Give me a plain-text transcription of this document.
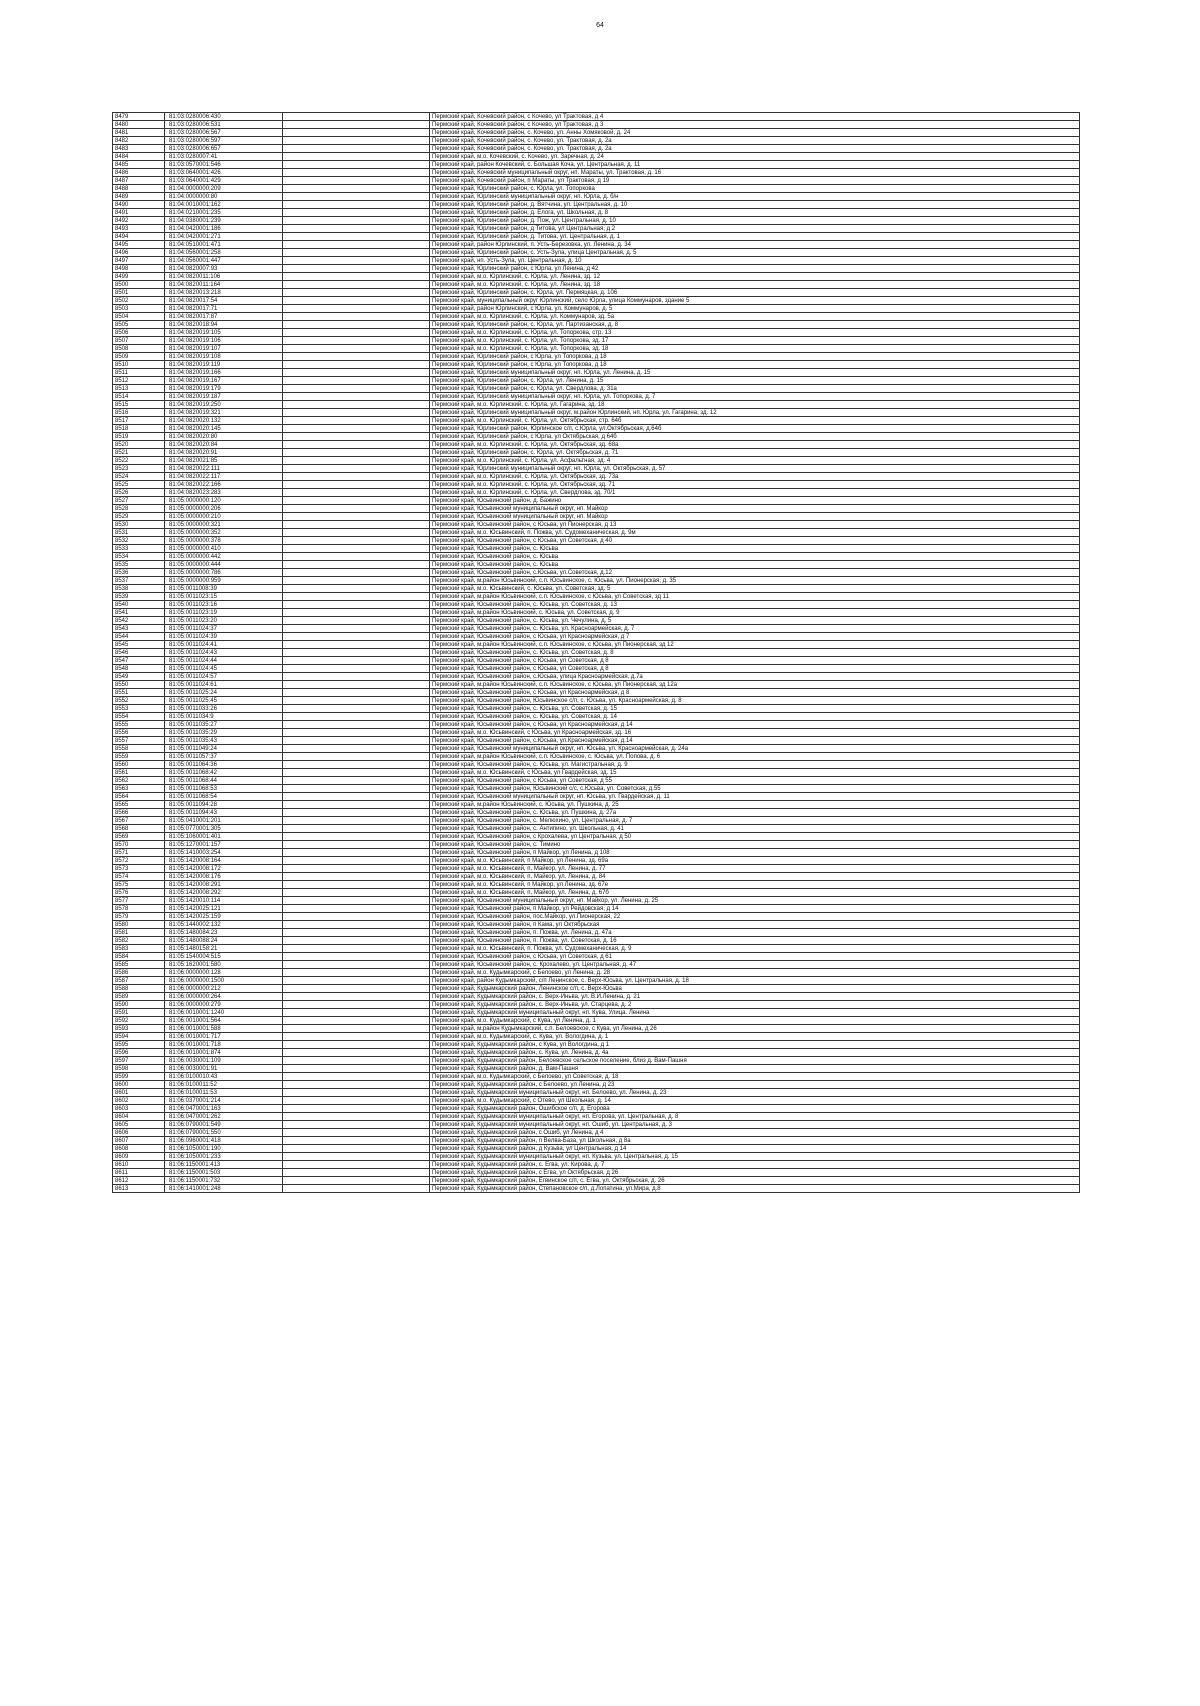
64
8479	81:03:0280006:430		Пермский край, Кочевский район, с Кочево, ул Трактовая, д 4
8480	81:03:0280006:531		Пермский край, Кочевский район, с Кочево, ул Трактовая, д 3
8481	81:03:0280006:567		Пермский край, Кочевский район, с. Кочево, ул. Анны Хомяковой, д. 24
8482	81:03:0280006:597		Пермский край, Кочевский район, с. Кочево, ул. Трактовая, д. 2а
8483	81:03:0280006:657		Пермский край, Кочевский район, с. Кочево, ул. Трактовая, д. 2а
8484	81:03:0280007:41		Пермский край, м.о. Кочевский, с. Кочево, ул. Заречная, д. 24
8485	81:03:0570001:546		Пермский край, район Кочевский, с. Большая Коча, ул. Центральная, д. 11
8486	81:03:0640001:426		Пермский край, Кочевский муниципальный округ, нп. Мараты, ул. Трактовая, д. 16
8487	81:03:0640001:429		Пермский край, Кочевский район, п Мараты, ул Трактовая, д 19
8488	81:04:0000000:209		Пермский край, Юрлинский район, с. Юрла, ул. Топоркова
8489	81:04:0000000:80		Пермский край, Юрлинский муниципальный округ, нп. Юрла, д. б/н
8490	81:04:0010001:162		Пермский край, Юрлинский район, д. Вятчина, ул. Центральная, д. 10
8491	81:04:0210001:235		Пермский край, Юрлинский район, д. Елога, ул. Школьная, д. 8
8492	81:04:0380001:239		Пермский край, Юрлинский район, д. Пож, ул. Центральная, д. 10
8493	81:04:0420001:186		Пермский край, Юрлинский район, д Титова, ул Центральная, д 2
8494	81:04:0420001:271		Пермский край, Юрлинский район, д. Титова, ул. Центральная, д. 1
8495	81:04:0510001:471		Пермский край, район Юрлинский, п. Усть-Березовка, ул. Ленина, д. 34
8496	81:04:0560001:258		Пермский край, Юрлинский район, с. Усть-Зула, улица Центральная, д. 5
8497	81:04:0560001:447		Пермский край, нп. Усть-Зула, ул. Центральная, д. 10
8498	81:04:0820007:93		Пермский край, Юрлинский район, с Юрла, ул Ленина, д 42
8499	81:04:0820011:106		Пермский край, м.о. Юрлинский, с. Юрла, ул. Ленина, зд. 12
8500	81:04:0820011:164		Пермский край, м.о. Юрлинский, с. Юрла, ул. Ленина, зд. 18
8501	81:04:0820013:218		Пермский край, Юрлинский район, с. Юрла, ул. Пермяцкая, д. 106
8502	81:04:0820017:54		Пермский край, муниципальный округ Юрлинский, село Юрла, улица Коммунаров, здание 5
8503	81:04:0820017:71		Пермский край, район Юрлинский, с Юрла, ул. Коммунаров, д. 5
8504	81:04:0820017:87		Пермский край, м.о. Юрлинский, с. Юрла, ул. Коммунаров, зд. 5а
8505	81:04:0820018:94		Пермский край, Юрлинский район, с. Юрла, ул. Партизанская, д. 8
8506	81:04:0820019:105		Пермский край, м.о. Юрлинский, с. Юрла, ул. Топоркова, стр. 13
8507	81:04:0820019:106		Пермский край, м.о. Юрлинский, с. Юрла, ул. Топоркова, зд. 17
8508	81:04:0820019:107		Пермский край, м.о. Юрлинский, с. Юрла, ул. Топоркова, зд. 18
8509	81:04:0820019:108		Пермский край, Юрлинский район, с Юрла, ул Топоркова, д 18
8510	81:04:0820019:119		Пермский край, Юрлинский район, с Юрла, ул Топоркова, д 18
8511	81:04:0820019:166		Пермский край, Юрлинский муниципальный округ, нп. Юрла, ул. Ленина, д. 15
8512	81:04:0820019:167		Пермский край, Юрлинский район, с. Юрла, ул. Ленина, д. 15
8513	81:04:0820019:179		Пермский край, Юрлинский район, с. Юрла, ул. Свердлова, д. 31а
8514	81:04:0820019:187		Пермский край, Юрлинский муниципальный округ, нп. Юрла, ул. Топоркова, д. 7
8515	81:04:0820019:250		Пермский край, м.о. Юрлинский, с. Юрла, ул. Гагарина, зд. 18
8516	81:04:0820019:321		Пермский край, Юрлинский муниципальный округ, м.район Юрлинский, нп. Юрла, ул. Гагарина, зд. 12
8517	81:04:0820020:132		Пермский край, м.о. Юрлинский, с. Юрла, ул. Октябрьская, стр. 64б
8518	81:04:0820020:145		Пермский край, Юрлинский район, Юрлинское с/п, с.Юрла, ул.Октябрьская, д.64б
8519	81:04:0820020:80		Пермский край, Юрлинский район, с Юрла, ул Октябрьская, д 64б
8520	81:04:0820020:84		Пермский край, м.о. Юрлинский, с. Юрла, ул. Октябрьская, зд. 68а
8521	81:04:0820020:91		Пермский край, Юрлинский район, с. Юрла, ул. Октябрьская, д. 71
8522	81:04:0820021:85		Пермский край, м.о. Юрлинский, с. Юрла, ул. Асфальтная, зд. 4
8523	81:04:0820022:111		Пермский край, Юрлинский муниципальный округ, нп. Юрла, ул. Октябрьская, д. 57
8524	81:04:0820022:117		Пермский край, м.о. Юрлинский, с. Юрла, ул. Октябрьская, зд. 73а
8525	81:04:0820022:166		Пермский край, м.о. Юрлинский, с. Юрла, ул. Октябрьская, зд. 71
8526	81:04:0820023:283		Пермский край, м.о. Юрлинский, с. Юрла, ул. Свердлова, зд. 70/1
8527	81:05:0000000:120		Пермский край, Юсьвинский район, д. Бажино
8528	81:05:0000000:206		Пермский край, Юсьвинский муниципальный округ, нп. Майкор
8529	81:05:0000000:210		Пермский край, Юсьвинский муниципальный округ, нп. Майкор
8530	81:05:0000000:321		Пермский край, Юсьвинский район, с Юсьва, ул Пионерская, д 13
8531	81:05:0000000:352		Пермский край, м.о. Юсьвинский, п. Пожва, ул. Судомеханическая, д. 9м
8532	81:05:0000000:378		Пермский край, Юсьвинский район, с Юсьва, ул Советская, д 40
8533	81:05:0000000:410		Пермский край, Юсьвинский район, с. Юсьва
8534	81:05:0000000:442		Пермский край, Юсьвинский район, с. Юсьва
8535	81:05:0000000:444		Пермский край, Юсьвинский район, с. Юсьва
8536	81:05:0000000:786		Пермский край, Юсьвинский район, с.Юсьва, ул.Советская, д.12
8537	81:05:0000000:959		Пермский край, м.район Юсьвинский, с.п. Юсьвинское, с. Юсьва, ул. Пионерская, д. 35
8538	81:05:0011008:39		Пермский край, м.о. Юсьвинский, с. Юсьва, ул. Советская, зд. 5
8539	81:05:0011023:15		Пермский край, м.район Юсьвинский, с.п. Юсьвинское, с Юсьва, ул Советская, зд 11
8540	81:05:0011023:16		Пермский край, Юсьвинский район, с. Юсьва, ул. Советская, д. 13
8541	81:05:0011023:19		Пермский край, м.район Юсьвинский, с. Юсьва, ул. Советская, д. 9
8542	81:05:0011023:20		Пермский край, Юсьвинский район, с. Юсьва, ул. Чечулина, д. 5
8543	81:05:0011024:37		Пермский край, Юсьвинский район, с. Юсьва, ул. Красноармейская, д. 7
8544	81:05:0011024:39		Пермский край, Юсьвинский район, с Юсьва, ул Красноармейская, д 7
8545	81:05:0011024:41		Пермский край, м.район Юсьвинский, с.п. Юсьвинское, с Юсьва, ул Пионерская, зд 12
8546	81:05:0011024:43		Пермский край, Юсьвинский район, с. Юсьва, ул. Советская, д. 8
8547	81:05:0011024:44		Пермский край, Юсьвинский район, с Юсьва, ул Советская, д 8
8548	81:05:0011024:45		Пермский край, Юсьвинский район, с Юсьва, ул Советская, д 8
8549	81:05:0011024:57		Пермский край, Юсьвинский район, с.Юсьва, улица Красноармейская, д.7а
8550	81:05:0011024:61		Пермский край, м.район Юсьвинский, с.п. Юсьвинское, с Юсьва, ул Пионерская, зд 12а
8551	81:05:0011025:24		Пермский край, Юсьвинский район, с Юсьва, ул Красноармейская, д 8
8552	81:05:0011025:45		Пермский край, Юсьвинский район, Юсьвинское с/п, с. Юсьва, ул. Красноармейская, д. 8
8553	81:05:0011033:26		Пермский край, Юсьвинский район, с. Юсьва, ул. Советская, д. 15
8554	81:05:0011034:9		Пермский край, Юсьвинский район, с. Юсьва, ул. Советская, д. 14
8555	81:05:0011035:27		Пермский край, Юсьвинский район, с Юсьва, ул Красноармейская, д 14
8556	81:05:0011035:29		Пермский край, м.о. Юсьвинский, с Юсьва, ул Красноармейская, зд. 16
8557	81:05:0011035:43		Пермский край, Юсьвинский район, с.Юсьва, ул.Красноармейская, д.14
8558	81:05:0011049:24		Пермский край, Юсьвинский муниципальный округ, нп. Юсьва, ул. Красноармейская, д. 24а
8559	81:05:0011057:37		Пермский край, м.район Юсьвинский, с.п. Юсьвинское, с. Юсьва, ул. Попова, д. 6
8560	81:05:0011064:36		Пермский край, Юсьвинский район, с. Юсьва, ул. Магистральная, д. 9
8561	81:05:0011068:42		Пермский край, м.о. Юсьвинский, с Юсьва, ул Гвардейская, зд. 15
8562	81:05:0011068:44		Пермский край, Юсьвинский район, с Юсьва, ул Советская, д 55
8563	81:05:0011068:53		Пермский край, Юсьвинский район, Юсьвинский с/с, с.Юсьва, ул. Советская, д.55
8564	81:05:0011068:54		Пермский край, Юсьвинский муниципальный округ, нп. Юсьва, ул. Гвардейская, д. 11
8565	81:05:0011094:28		Пермский край, м.район Юсьвинский, с. Юсьва, ул. Пушкина, д. 25
8566	81:05:0011094:43		Пермский край, Юсьвинский район, с. Юсьва, ул. Пушкина, д. 27а
8567	81:05:0410001:201		Пермский край, Юсьвинский район, с. Мелюхино, ул. Центральная, д. 7
8568	81:05:0770001:305		Пермский край, Юсьвинский район, с. Антипино, ул. Школьная, д. 41
8569	81:05:1060001:401		Пермский край, Юсьвинский район, с Крохалева, ул Центральная, д 50
8570	81:05:1270001:157		Пермский край, Юсьвинский район, с. Тимино
8571	81:05:1410003:254		Пермский край, Юсьвинский район, п Майкор, ул Ленина, д 108
8572	81:05:1420008:164		Пермский край, м.о. Юсьвинский, п Майкор, ул Ленина, зд. 69а
8573	81:05:1420008:172		Пермский край, м.о. Юсьвинский, п. Майкор, ул. Ленина, д. 77
8574	81:05:1420008:176		Пермский край, м.о. Юсьвинский, п. Майкор, ул. Ленина, д. 84
8575	81:05:1420008:291		Пермский край, м.о. Юсьвинский, п Майкор, ул Ленина, зд. 67е
8576	81:05:1420008:292		Пермский край, м.о. Юсьвинский, п. Майкор, ул. Ленина, д. 67б
8577	81:05:1420010:114		Пермский край, Юсьвинский муниципальный округ, нп. Майкор, ул. Ленина, д. 25
8578	81:05:1420025:121		Пермский край, Юсьвинский район, п Майкор, ул Рейдовская, д 14
8579	81:05:1420025:159		Пермский край, Юсьвинский район, пос.Майкор, ул.Пионерская, 22
8580	81:05:1440002:132		Пермский край, Юсьвинский район, п Кама, ул Октябрьская
8581	81:05:1480084:23		Пермский край, Юсьвинский район, п. Пожва, ул. Ленина, д. 47а
8582	81:05:1480088:24		Пермский край, Юсьвинский район, п. Пожва, ул. Советская, д. 16
8583	81:05:1480158:21		Пермский край, м.о. Юсьвинский, п. Пожва, ул. Судомеханическая, д. 9
8584	81:05:1540004:515		Пермский край, Юсьвинский район, с Юсьва, ул Советская, д 61
8585	81:05:1620001:580		Пермский край, Юсьвинский район, с. Крохалево, ул. Центральная, д. 47
8586	81:06:0000000:128		Пермский край, м.о. Кудымкарский, с Белоево, ул Ленина, д. 28
8587	81:06:0000000:1500		Пермский край, район Кудымкарский, с/п Ленинское, с. Верх-Юсьва, ул. Центральная, д. 18
8588	81:06:0000000:212		Пермский край, Кудымкарский район, Ленинское с/п, с. Верх-Юсьва
8589	81:06:0000000:264		Пермский край, Кудымкарский район, с. Верх-Иньва, ул. В.И.Ленина, д. 21
8590	81:06:0000000:279		Пермский край, Кудымкарский район, с. Верх-Иньва, ул. Старцева, д. 2
8591	81:06:0010001:1240		Пермский край, Кудымкарский муниципальный округ, нп. Кува, Улица. Ленина
8592	81:06:0010001:564		Пермский край, м.о. Кудымкарский, с Кува, ул Ленина, д. 1
8593	81:06:0010001:588		Пермский край, м.район Кудымкарский, с.п. Белоевское, с Кува, ул Ленина, д 26
8594	81:06:0010001:717		Пермский край, м.о. Кудымкарский, с. Кува, ул. Вологдина, д. 1
8595	81:06:0010001:718		Пермский край, Кудымкарский район, с Кува, ул Вологдина, д 1
8596	81:06:0010001:874		Пермский край, Кудымкарский район, с. Кува, ул. Ленина, д. 4а
8597	81:06:0030001:109		Пермский край, Кудымкарский район, Белоевское сельское поселение, близ д. Вам-Пашня
8598	81:06:0030001:91		Пермский край, Кудымкарский район, д. Вам-Пашня
8599	81:06:0100010:43		Пермский край, м.о. Кудымкарский, с Белоево, ул Советская, д. 18
8600	81:06:0100011:52		Пермский край, Кудымкарский район, с Белоево, ул Ленина, д 23
8601	81:06:0100011:53		Пермский край, Кудымкарский муниципальный округ, нп. Белоево, ул. Ленина, д. 23
8602	81:06:0370001:214		Пермский край, м.о. Кудымкарский, с Отево, ул Школьная, д. 14
8603	81:06:0470001:163		Пермский край, Кудымкарский район, Ошибское с/п, д. Егорова
8604	81:06:0470001:262		Пермский край, Кудымкарский муниципальный округ, нп. Егорова, ул. Центральная, д. 8
8605	81:06:0790001:549		Пермский край, Кудымкарский муниципальный округ, нп. Ошиб, ул. Центральная, д. 3
8606	81:06:0790001:550		Пермский край, Кудымкарский район, с Ошиб, ул Ленина, д 4
8607	81:06:0960001:418		Пермский край, Кудымкарский район, п Велва-База, ул Школьная, д 8а
8608	81:06:1050001:190		Пермский край, Кудымкарский район, д Кузьва, ул Центральная, д 14
8609	81:06:1050001:233		Пермский край, Кудымкарский муниципальный округ, нп. Кузьва, ул. Центральная, д. 15
8610	81:06:1150001:413		Пермский край, Кудымкарский район, с. Егва, ул. Кирова, д. 7
8611	81:06:1150001:503		Пермский край, Кудымкарский район, с Егва, ул Октябрьская, д 26
8612	81:06:1150001:732		Пермский край, Кудымкарский район, Егвинское с/п, с. Егва, ул. Октябрьская, д. 26
8613	81:06:1410001:248		Пермский край, Кудымкарский район, Степановское с/п, д.Лопатина, ул.Мира, д.8
